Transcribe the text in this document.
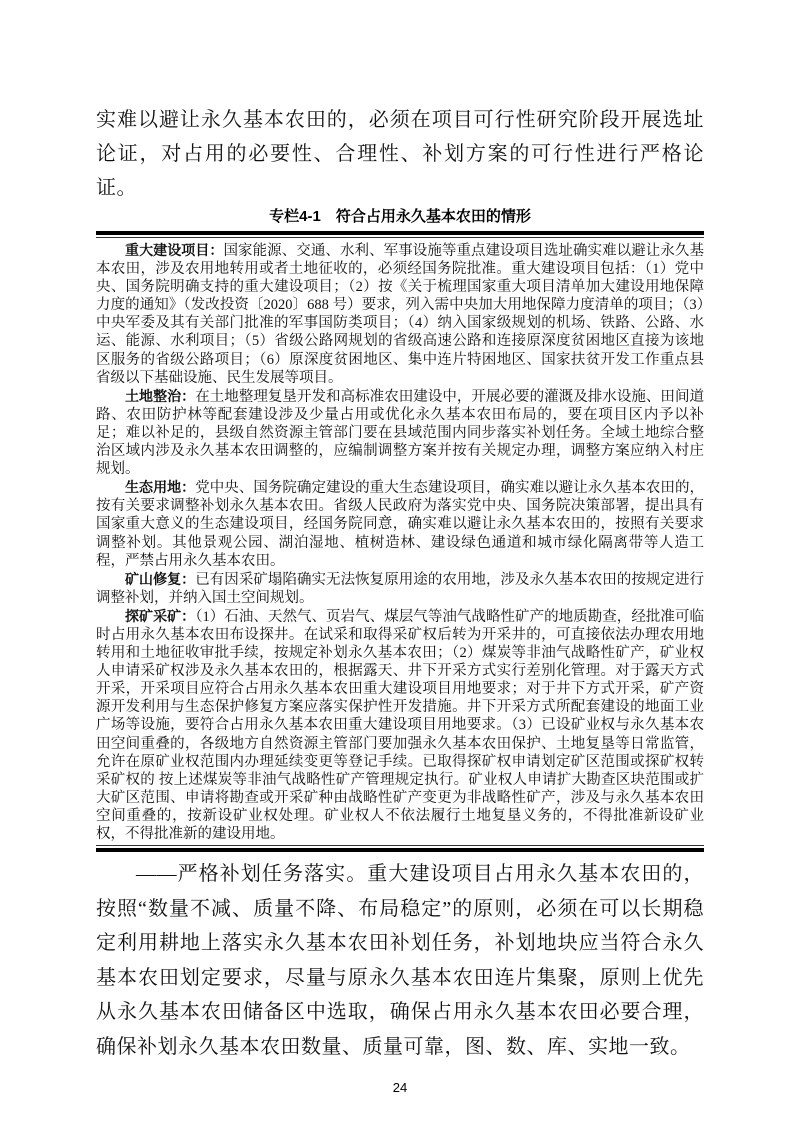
实难以避让永久基本农田的，必须在项目可行性研究阶段开展选址论证，对占用的必要性、合理性、补划方案的可行性进行严格论证。

专栏4-1　符合占用永久基本农田的情形

重大建设项目：国家能源、交通、水利、军事设施等重点建设项目选址确实难以避让永久基本农田，涉及农用地转用或者土地征收的，必须经国务院批准。重大建设项目包括：（1）党中央、国务院明确支持的重大建设项目；（2）按《关于梳理国家重大项目清单加大建设用地保障力度的通知》（发改投资〔2020〕688 号）要求，列入需中央加大用地保障力度清单的项目；（3）中央军委及其有关部门批准的军事国防类项目；（4）纳入国家级规划的机场、铁路、公路、水运、能源、水利项目；（5）省级公路网规划的省级高速公路和连接原深度贫困地区直接为该地区服务的省级公路项目；（6）原深度贫困地区、集中连片特困地区、国家扶贫开发工作重点县省级以下基础设施、民生发展等项目。

土地整治：在土地整理复垦开发和高标准农田建设中，开展必要的灌溉及排水设施、田间道路、农田防护林等配套建设涉及少量占用或优化永久基本农田布局的，要在项目区内予以补足；难以补足的，县级自然资源主管部门要在县域范围内同步落实补划任务。全域土地综合整治区域内涉及永久基本农田调整的，应编制调整方案并按有关规定办理，调整方案应纳入村庄规划。

生态用地：党中央、国务院确定建设的重大生态建设项目，确实难以避让永久基本农田的，按有关要求调整补划永久基本农田。省级人民政府为落实党中央、国务院决策部署，提出具有国家重大意义的生态建设项目，经国务院同意，确实难以避让永久基本农田的，按照有关要求调整补划。其他景观公园、湖泊湿地、植树造林、建设绿色通道和城市绿化隔离带等人造工程，严禁占用永久基本农田。

矿山修复：已有因采矿塌陷确实无法恢复原用途的农用地，涉及永久基本农田的按规定进行调整补划，并纳入国土空间规划。

探矿采矿：（1）石油、天然气、页岩气、煤层气等油气战略性矿产的地质勘查，经批准可临时占用永久基本农田布设探井。在试采和取得采矿权后转为开采井的，可直接依法办理农用地转用和土地征收审批手续，按规定补划永久基本农田；（2）煤炭等非油气战略性矿产，矿业权人申请采矿权涉及永久基本农田的，根据露天、井下开采方式实行差别化管理。对于露天方式开采，开采项目应符合占用永久基本农田重大建设项目用地要求；对于井下方式开采，矿产资源开发利用与生态保护修复方案应落实保护性开发措施。井下开采方式所配套建设的地面工业广场等设施，要符合占用永久基本农田重大建设项目用地要求。（3）已设矿业权与永久基本农田空间重叠的，各级地方自然资源主管部门要加强永久基本农田保护、土地复垦等日常监管，允许在原矿业权范围内办理延续变更等登记手续。已取得探矿权申请划定矿区范围或探矿权转采矿权的 按上述煤炭等非油气战略性矿产管理规定执行。矿业权人申请扩大勘查区块范围或扩大矿区范围、申请将勘查或开采矿种由战略性矿产变更为非战略性矿产，涉及与永久基本农田空间重叠的，按新设矿业权处理。矿业权人不依法履行土地复垦义务的，不得批准新设矿业权，不得批准新的建设用地。

——严格补划任务落实。重大建设项目占用永久基本农田的，按照“数量不减、质量不降、布局稳定”的原则，必须在可以长期稳定利用耕地上落实永久基本农田补划任务，补划地块应当符合永久基本农田划定要求，尽量与原永久基本农田连片集聚，原则上优先从永久基本农田储备区中选取，确保占用永久基本农田必要合理，确保补划永久基本农田数量、质量可靠，图、数、库、实地一致。

24
